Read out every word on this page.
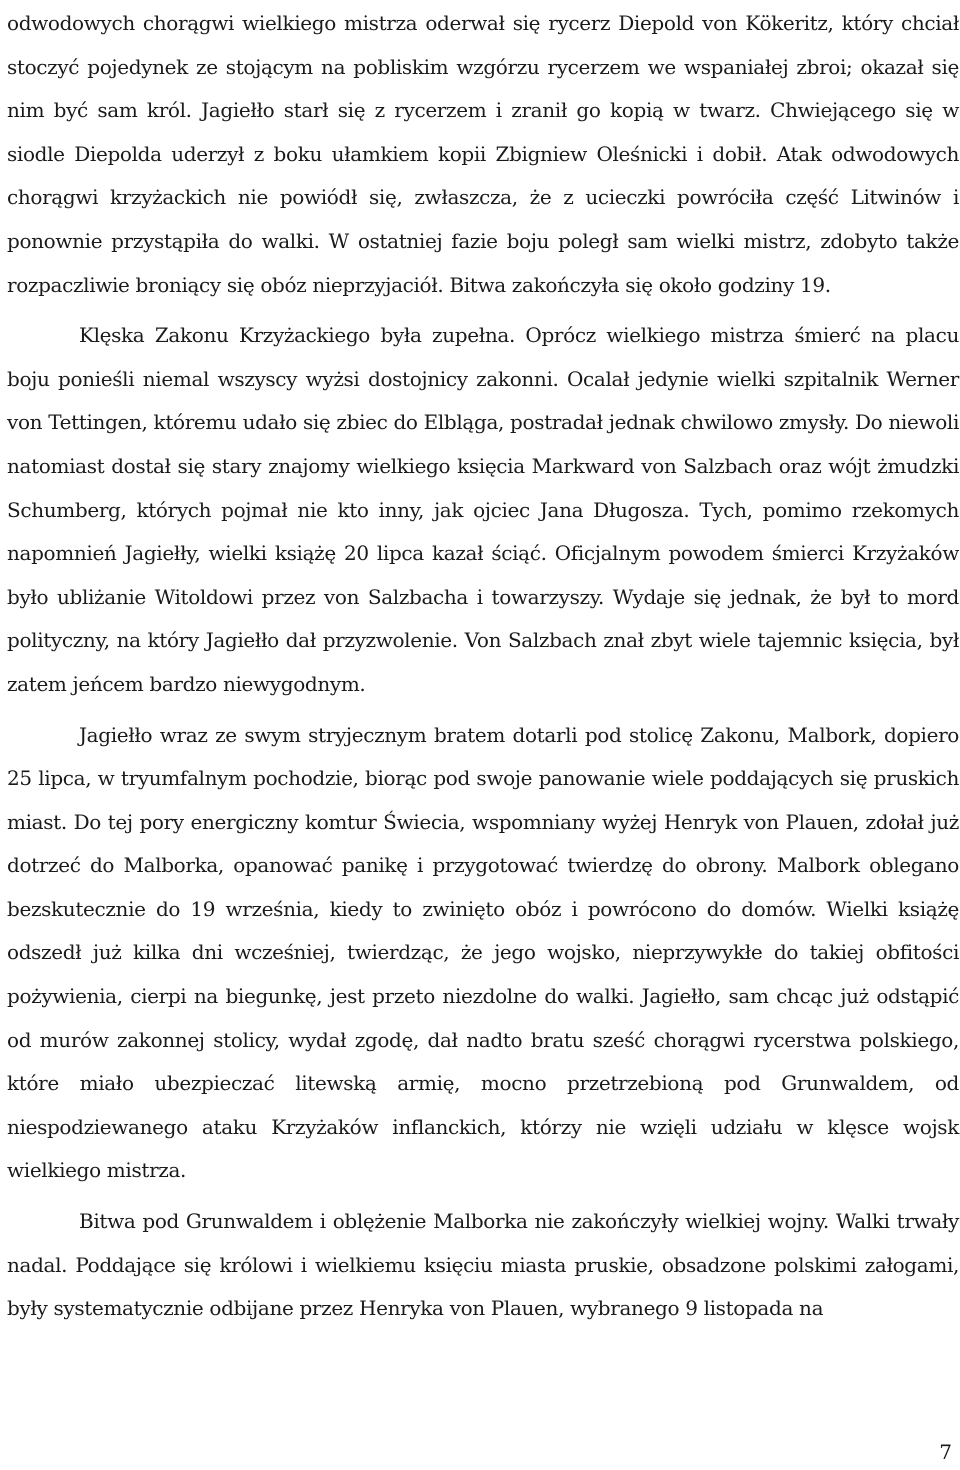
odwodowych chorągwi wielkiego mistrza oderwał się rycerz Diepold von Kökeritz, który chciał stoczyć pojedynek ze stojącym na pobliskim wzgórzu rycerzem we wspaniałej zbroi; okazał się nim być sam król. Jagiełło starł się z rycerzem i zranił go kopią w twarz. Chwiejącego się w siodle Diepolda uderzył z boku ułamkiem kopii Zbigniew Oleśnicki i dobił. Atak odwodowych chorągwi krzyżackich nie powiódł się, zwłaszcza, że z ucieczki powróciła część Litwinów i ponownie przystąpiła do walki. W ostatniej fazie boju poległ sam wielki mistrz, zdobyto także rozpaczliwie broniący się obóz nieprzyjaciół. Bitwa zakończyła się około godziny 19.

Klęska Zakonu Krzyżackiego była zupełna. Oprócz wielkiego mistrza śmierć na placu boju ponieśli niemal wszyscy wyżsi dostojnicy zakonni. Ocalał jedynie wielki szpitalnik Werner von Tettingen, któremu udało się zbiec do Elbląga, postradał jednak chwilowo zmysły. Do niewoli natomiast dostał się stary znajomy wielkiego księcia Markward von Salzbach oraz wójt żmudzki Schumberg, których pojmał nie kto inny, jak ojciec Jana Długosza. Tych, pomimo rzekomych napomnień Jagiełły, wielki książę 20 lipca kazał ściąć. Oficjalnym powodem śmierci Krzyżaków było ubliżanie Witoldowi przez von Salzbacha i towarzyszy. Wydaje się jednak, że był to mord polityczny, na który Jagiełło dał przyzwolenie. Von Salzbach znał zbyt wiele tajemnic księcia, był zatem jeńcem bardzo niewygodnym.

Jagiełło wraz ze swym stryjecznym bratem dotarli pod stolicę Zakonu, Malbork, dopiero 25 lipca, w tryumfalnym pochodzie, biorąc pod swoje panowanie wiele poddających się pruskich miast. Do tej pory energiczny komtur Świecia, wspomniany wyżej Henryk von Plauen, zdołał już dotrzeć do Malborka, opanować panikę i przygotować twierdzę do obrony. Malbork oblegano bezskutecznie do 19 września, kiedy to zwinięto obóz i powrócono do domów. Wielki książę odszedł już kilka dni wcześniej, twierdząc, że jego wojsko, nieprzywykłe do takiej obfitości pożywienia, cierpi na biegunkę, jest przeto niezdolne do walki. Jagiełło, sam chcąc już odstąpić od murów zakonnej stolicy, wydał zgodę, dał nadto bratu sześć chorągwi rycerstwa polskiego, które miało ubezpieczać litewską armię, mocno przetrzebioną pod Grunwaldem, od niespodziewanego ataku Krzyżaków inflanckich, którzy nie wzięli udziału w klęsce wojsk wielkiego mistrza.

Bitwa pod Grunwaldem i oblężenie Malborka nie zakończyły wielkiej wojny. Walki trwały nadal. Poddające się królowi i wielkiemu księciu miasta pruskie, obsadzone polskimi załogami, były systematycznie odbijane przez Henryka von Plauen, wybranego 9 listopada na

7
